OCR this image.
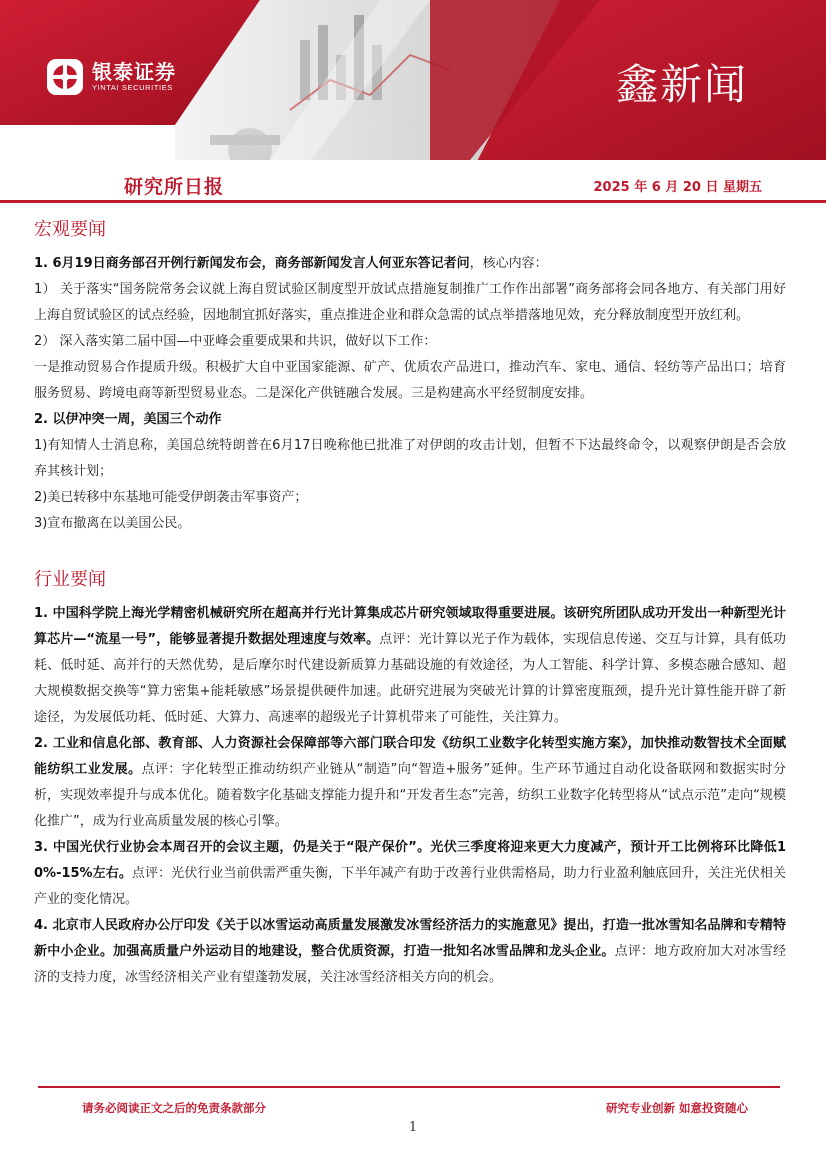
银泰证券
YINTAI SECURITIES	鑫新闻
研究所日报	2025 年 6 月 20 日 星期五
宏观要闻
1. 6月19日商务部召开例行新闻发布会，商务部新闻发言人何亚东答记者问，核心内容：
1） 关于落实“国务院常务会议就上海自贸试验区制度型开放试点措施复制推广工作作出部署”商务部将会同各地方、有关部门用好上海自贸试验区的试点经验，因地制宜抓好落实，重点推进企业和群众急需的试点举措落地见效，充分释放制度型开放红利。
2） 深入落实第二届中国—中亚峰会重要成果和共识，做好以下工作：
一是推动贸易合作提质升级。积极扩大自中亚国家能源、矿产、优质农产品进口，推动汽车、家电、通信、轻纺等产品出口；培育服务贸易、跨境电商等新型贸易业态。二是深化产供链融合发展。三是构建高水平经贸制度安排。
2. 以伊冲突一周，美国三个动作
1)有知情人士消息称，美国总统特朗普在6月17日晚称他已批准了对伊朗的攻击计划，但暂不下达最终命令，以观察伊朗是否会放弃其核计划；
2)美已转移中东基地可能受伊朗袭击军事资产；
3)宣布撤离在以美国公民。
行业要闻
1. 中国科学院上海光学精密机械研究所在超高并行光计算集成芯片研究领域取得重要进展。该研究所团队成功开发出一种新型光计算芯片—“流星一号”，能够显著提升数据处理速度与效率。点评：光计算以光子作为载体，实现信息传递、交互与计算，具有低功耗、低时延、高并行的天然优势，是后摩尔时代建设新质算力基础设施的有效途径，为人工智能、科学计算、多模态融合感知、超大规模数据交换等“算力密集+能耗敏感”场景提供硬件加速。此研究进展为突破光计算的计算密度瓶颈，提升光计算性能开辟了新途径，为发展低功耗、低时延、大算力、高速率的超级光子计算机带来了可能性，关注算力。
2. 工业和信息化部、教育部、人力资源社会保障部等六部门联合印发《纺织工业数字化转型实施方案》，加快推动数智技术全面赋能纺织工业发展。点评：字化转型正推动纺织产业链从“制造”向“智造+服务”延伸。生产环节通过自动化设备联网和数据实时分析，实现效率提升与成本优化。随着数字化基础支撑能力提升和“开发者生态”完善，纺织工业数字化转型将从“试点示范”走向“规模化推广”，成为行业高质量发展的核心引擎。
3. 中国光伏行业协会本周召开的会议主题，仍是关于“限产保价”。光伏三季度将迎来更大力度减产，预计开工比例将环比降低10%-15%左右。点评：光伏行业当前供需严重失衡，下半年减产有助于改善行业供需格局，助力行业盈利触底回升，关注光伏相关产业的变化情况。
4. 北京市人民政府办公厅印发《关于以冰雪运动高质量发展激发冰雪经济活力的实施意见》提出，打造一批冰雪知名品牌和专精特新中小企业。加强高质量户外运动目的地建设，整合优质资源，打造一批知名冰雪品牌和龙头企业。点评：地方政府加大对冰雪经济的支持力度，冰雪经济相关产业有望蓬勃发展，关注冰雪经济相关方向的机会。
请务必阅读正文之后的免责条款部分	研究专业创新 如意投资随心
1
